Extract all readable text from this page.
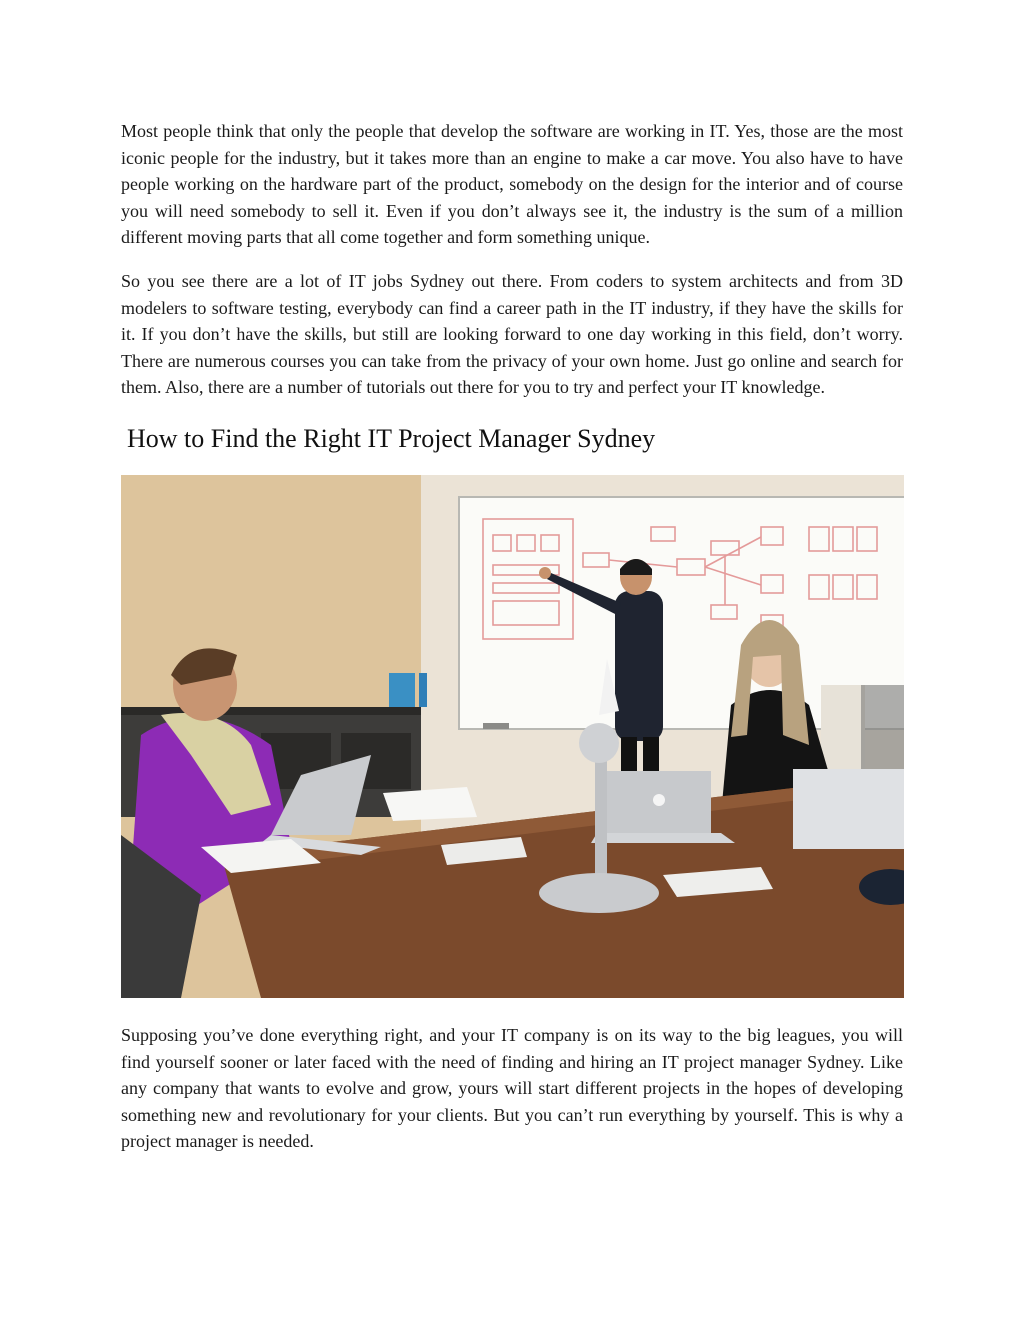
Most people think that only the people that develop the software are working in IT. Yes, those are the most iconic people for the industry, but it takes more than an engine to make a car move. You also have to have people working on the hardware part of the product, somebody on the design for the interior and of course you will need somebody to sell it. Even if you don’t always see it, the industry is the sum of a million different moving parts that all come together and form something unique.

So you see there are a lot of IT jobs Sydney out there. From coders to system architects and from 3D modelers to software testing, everybody can find a career path in the IT industry, if they have the skills for it. If you don’t have the skills, but still are looking forward to one day working in this field, don’t worry. There are numerous courses you can take from the privacy of your own home. Just go online and search for them. Also, there are a number of tutorials out there for you to try and perfect your IT knowledge.

How to Find the Right IT Project Manager Sydney

Supposing you’ve done everything right, and your IT company is on its way to the big leagues, you will find yourself sooner or later faced with the need of finding and hiring an IT project manager Sydney. Like any company that wants to evolve and grow, yours will start different projects in the hopes of developing something new and revolutionary for your clients. But you can’t run everything by yourself. This is why a project manager is needed.
